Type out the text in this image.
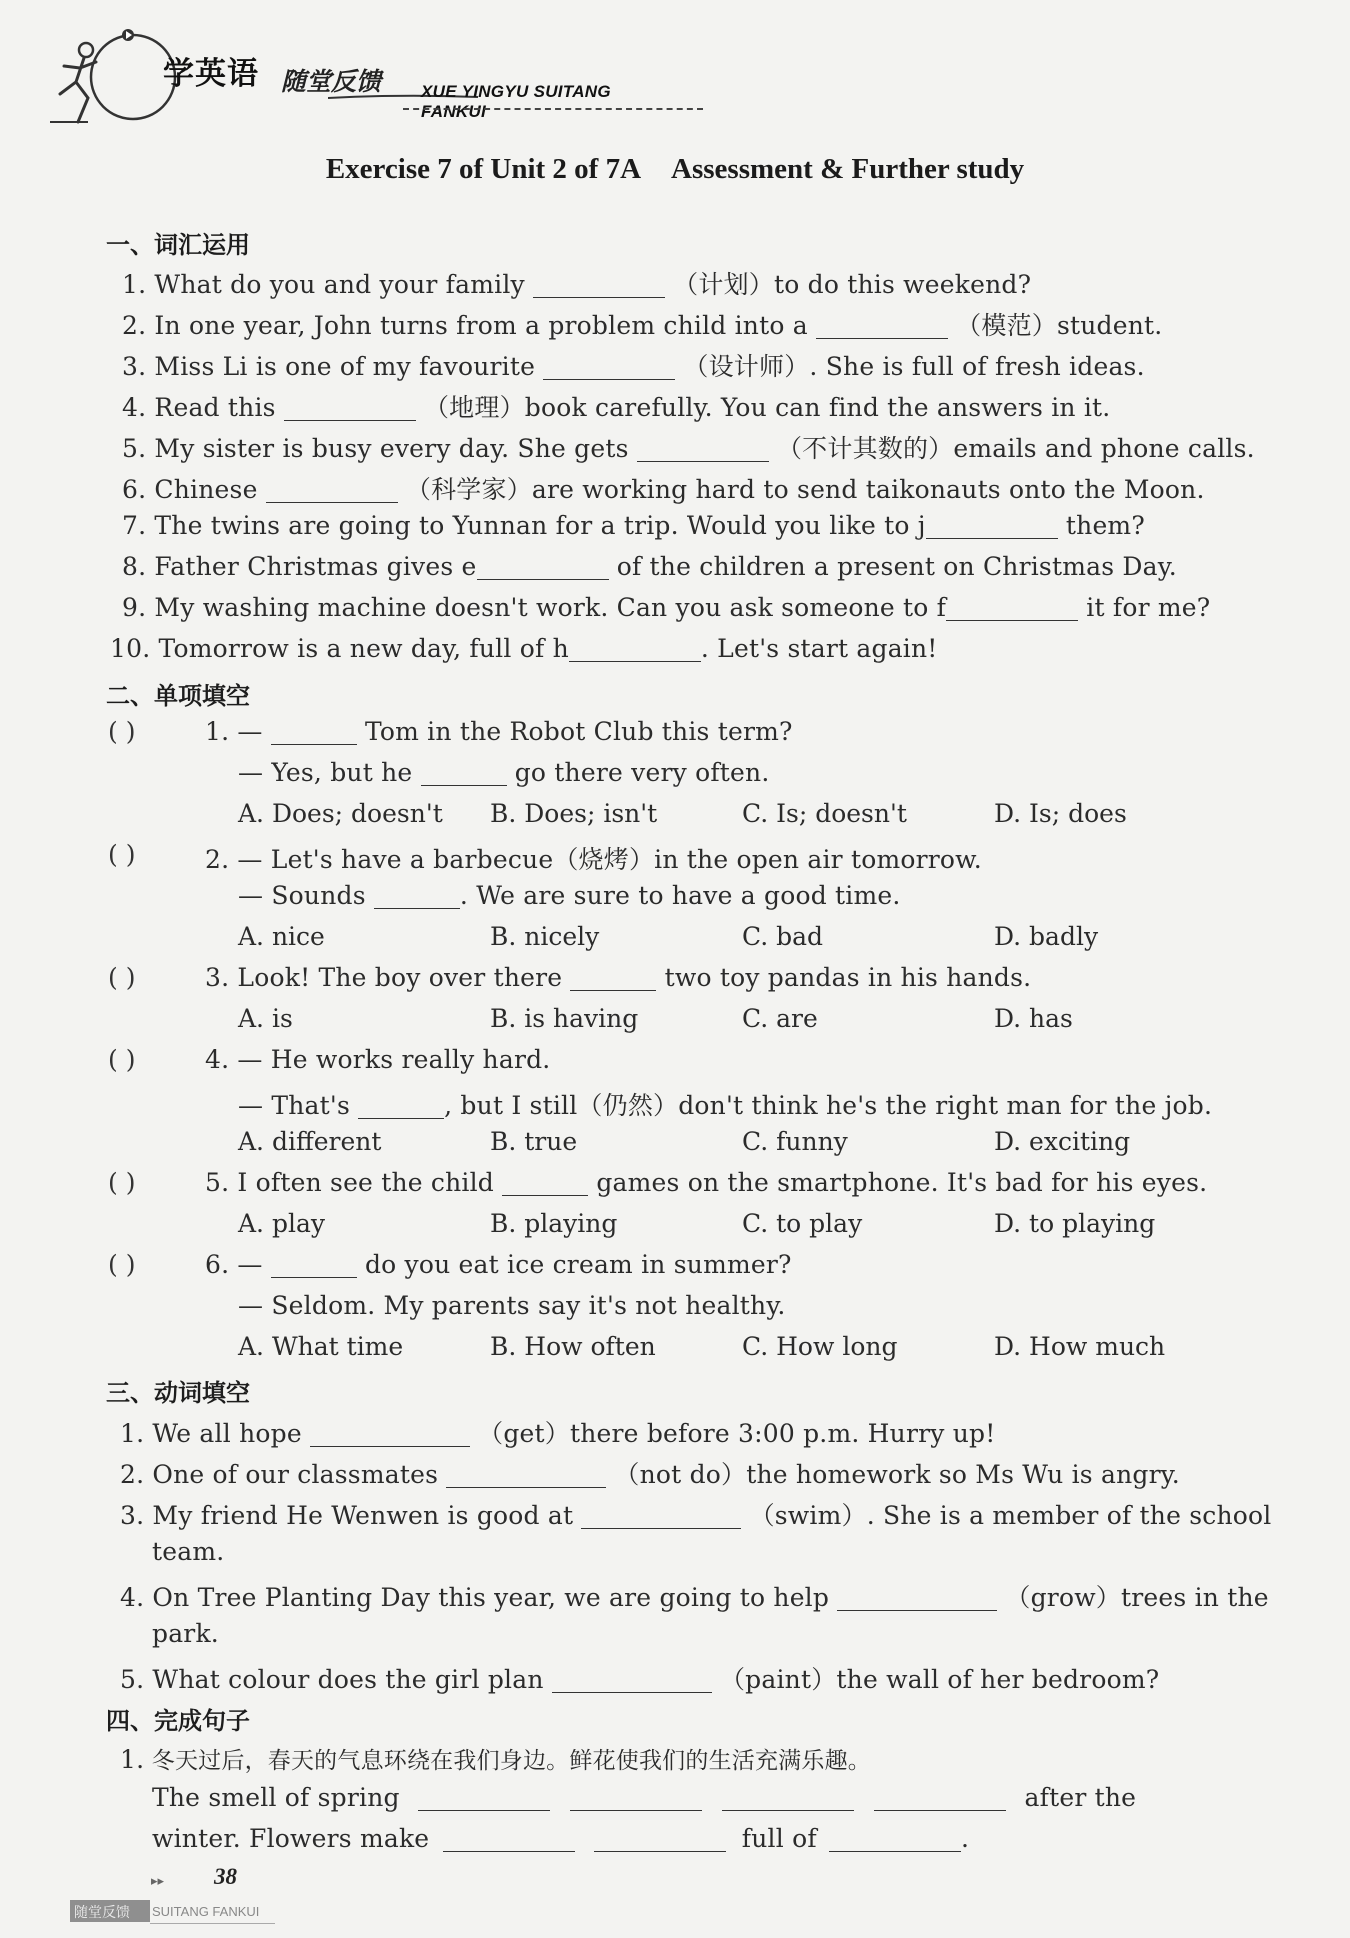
学英语 随堂反馈 XUE YINGYU SUITANG FANKUI
Exercise 7 of Unit 2 of 7A Assessment & Further study
一、词汇运用
1. What do you and your family	（计划）to do this weekend?
2. In one year, John turns from a problem child into a	（模范）student.
3. Miss Li is one of my favourite	（设计师）. She is full of fresh ideas.
4. Read this	（地理）book carefully. You can find the answers in it.
5. My sister is busy every day. She gets	（不计其数的）emails and phone calls.
6. Chinese	（科学家）are working hard to send taikonauts onto the Moon.
7. The twins are going to Yunnan for a trip. Would you like to j	them?
8. Father Christmas gives e	of the children a present on Christmas Day.
9. My washing machine doesn't work. Can you ask someone to f	it for me?
10. Tomorrow is a new day, full of h	. Let's start again!
二、单项填空
( )	1. —	Tom in the Robot Club this term?
— Yes, but he	go there very often.
A. Does; doesn't B. Does; isn't	C. Is; doesn't	D. Is; does
( )	2. — Let's have a barbecue（烧烤）in the open air tomorrow.
— Sounds	. We are sure to have a good time.
A. nice	B. nicely	C. bad	D. badly
( )	3. Look! The boy over there	two toy pandas in his hands.
A. is	B. is having	C. are	D. has
( )	4. — He works really hard.
— That's	, but I still（仍然）don't think he's the right man for the job.
A. different	B. true	C. funny	D. exciting
( )	5. I often see the child	games on the smartphone. It's bad for his eyes.
A. play	B. playing	C. to play	D. to playing
( )	6. —	do you eat ice cream in summer?
— Seldom. My parents say it's not healthy.
A. What time	B. How often	C. How long	D. How much
三、动词填空
1. We all hope	（get）there before 3:00 p.m. Hurry up!
2. One of our classmates	（not do）the homework so Ms Wu is angry.
3. My friend He Wenwen is good at	（swim）. She is a member of the school
team.
4. On Tree Planting Day this year, we are going to help	（grow）trees in the
park.
5. What colour does the girl plan	（paint）the wall of her bedroom?
四、完成句子
1. 冬天过后，春天的气息环绕在我们身边。鲜花使我们的生活充满乐趣。
The smell of spring	after the
winter. Flowers make	full of	.
▸▸ 38
随堂反馈 SUITANG FANKUI
